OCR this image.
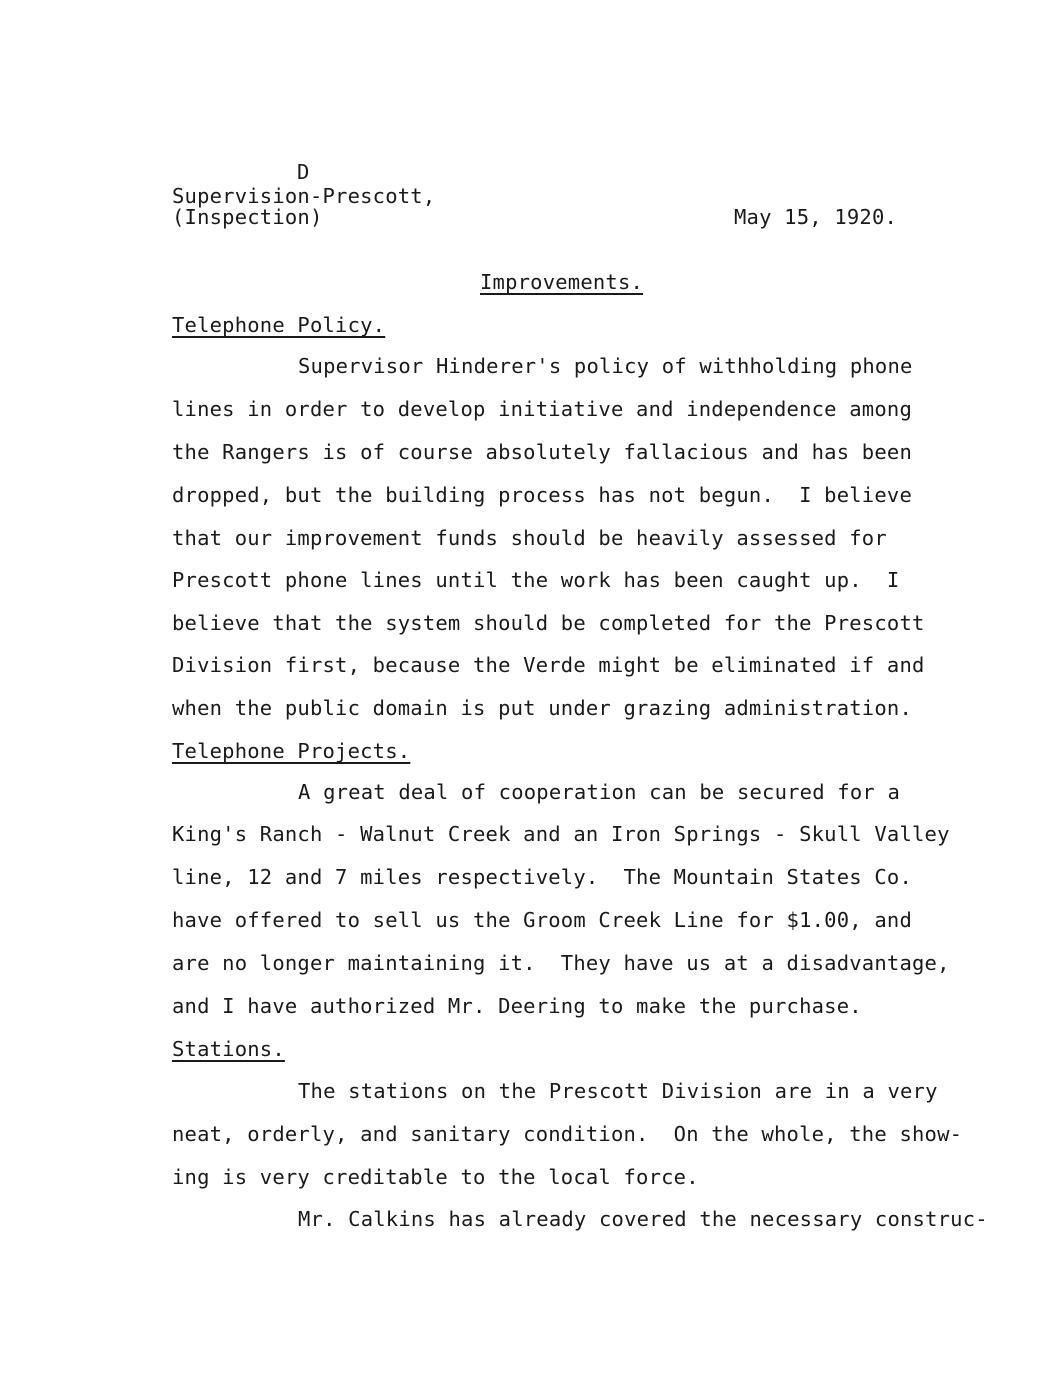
D
Supervision-Prescott,
(Inspection)	May 15, 1920.
Improvements.
Telephone Policy.
Supervisor Hinderer's policy of withholding phone
lines in order to develop initiative and independence among
the Rangers is of course absolutely fallacious and has been
dropped, but the building process has not begun.  I believe
that our improvement funds should be heavily assessed for
Prescott phone lines until the work has been caught up.  I
believe that the system should be completed for the Prescott
Division first, because the Verde might be eliminated if and
when the public domain is put under grazing administration.
Telephone Projects.
A great deal of cooperation can be secured for a
King's Ranch - Walnut Creek and an Iron Springs - Skull Valley
line, 12 and 7 miles respectively.  The Mountain States Co.
have offered to sell us the Groom Creek Line for $1.00, and
are no longer maintaining it.  They have us at a disadvantage,
and I have authorized Mr. Deering to make the purchase.
Stations.
The stations on the Prescott Division are in a very
neat, orderly, and sanitary condition.  On the whole, the show-
ing is very creditable to the local force.
Mr. Calkins has already covered the necessary construc-
